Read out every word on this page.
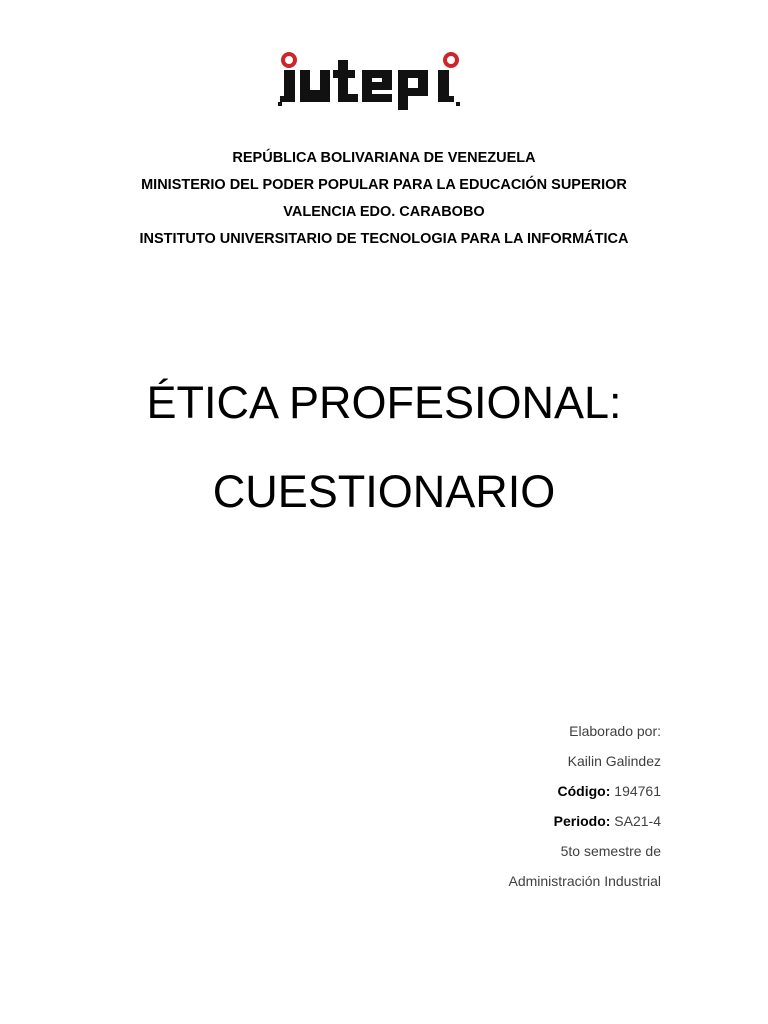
REPÚBLICA BOLIVARIANA DE VENEZUELA
MINISTERIO DEL PODER POPULAR PARA LA EDUCACIÓN SUPERIOR
VALENCIA EDO. CARABOBO
INSTITUTO UNIVERSITARIO DE TECNOLOGIA PARA LA INFORMÁTICA
ÉTICA PROFESIONAL:
CUESTIONARIO
Elaborado por:
Kailin Galindez
Código: 194761
Periodo: SA21-4
5to semestre de
Administración Industrial
